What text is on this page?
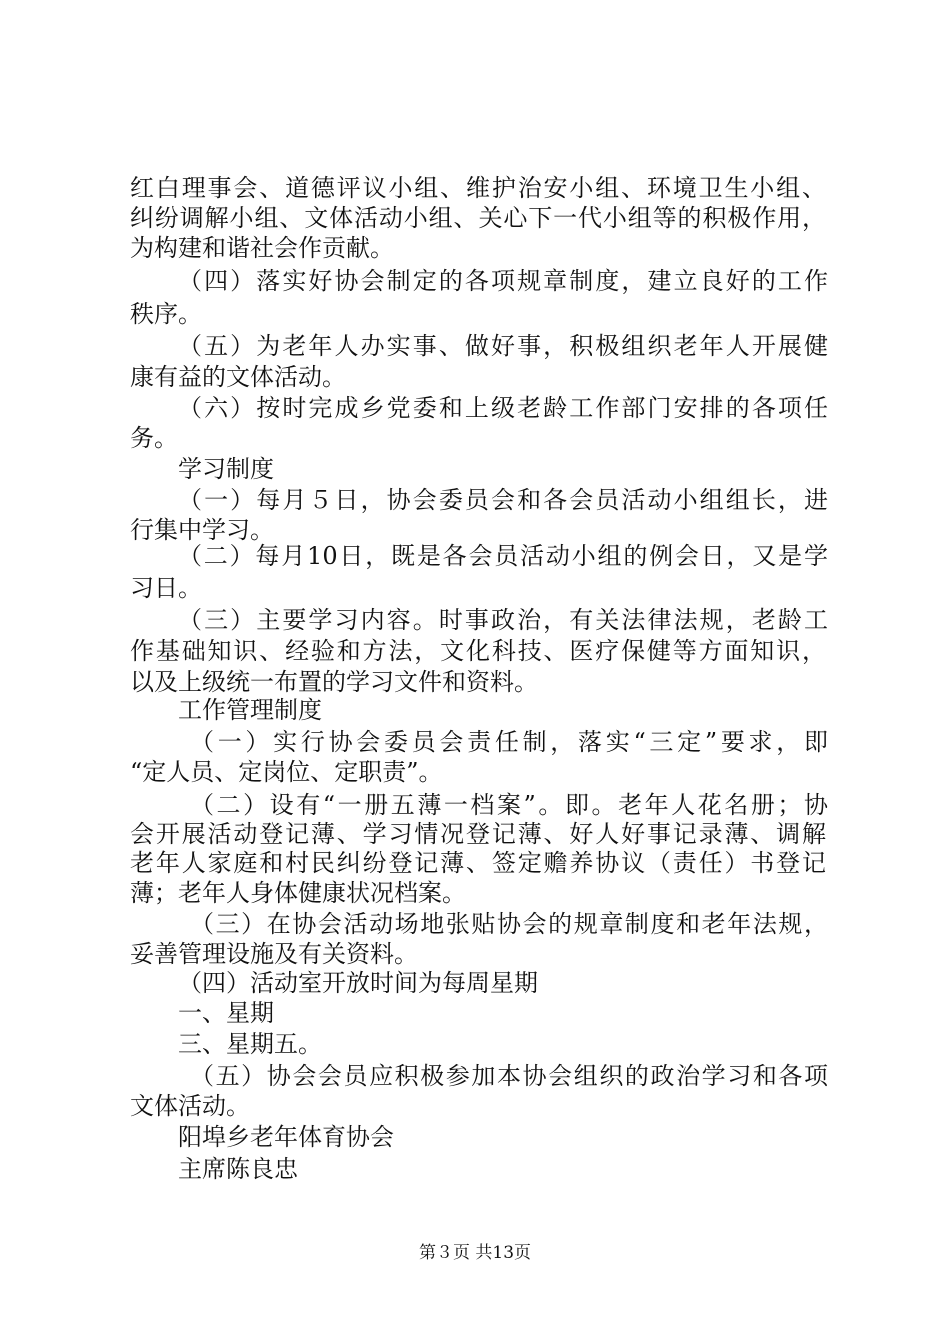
红白理事会、道德评议小组、维护治安小组、环境卫生小组、
纠纷调解小组、文体活动小组、关心下一代小组等的积极作用，
为构建和谐社会作贡献。
（四）落实好协会制定的各项规章制度，建立良好的工作
秩序。
（五）为老年人办实事、做好事，积极组织老年人开展健
康有益的文体活动。
（六）按时完成乡党委和上级老龄工作部门安排的各项任
务。
学习制度
（一）每月５日，协会委员会和各会员活动小组组长，进
行集中学习。
（二）每月10日，既是各会员活动小组的例会日，又是学
习日。
（三）主要学习内容。时事政治，有关法律法规，老龄工
作基础知识、经验和方法，文化科技、医疗保健等方面知识，
以及上级统一布置的学习文件和资料。
工作管理制度
（一）实行协会委员会责任制，落实“三定”要求，即
“定人员、定岗位、定职责”。
（二）设有“一册五薄一档案”。即。老年人花名册；协
会开展活动登记薄、学习情况登记薄、好人好事记录薄、调解
老年人家庭和村民纠纷登记薄、签定赡养协议（责任）书登记
薄；老年人身体健康状况档案。
（三）在协会活动场地张贴协会的规章制度和老年法规，
妥善管理设施及有关资料。
（四）活动室开放时间为每周星期
一、星期
三、星期五。
（五）协会会员应积极参加本协会组织的政治学习和各项
文体活动。
阳埠乡老年体育协会
主席陈良忠
第３页 共13页
